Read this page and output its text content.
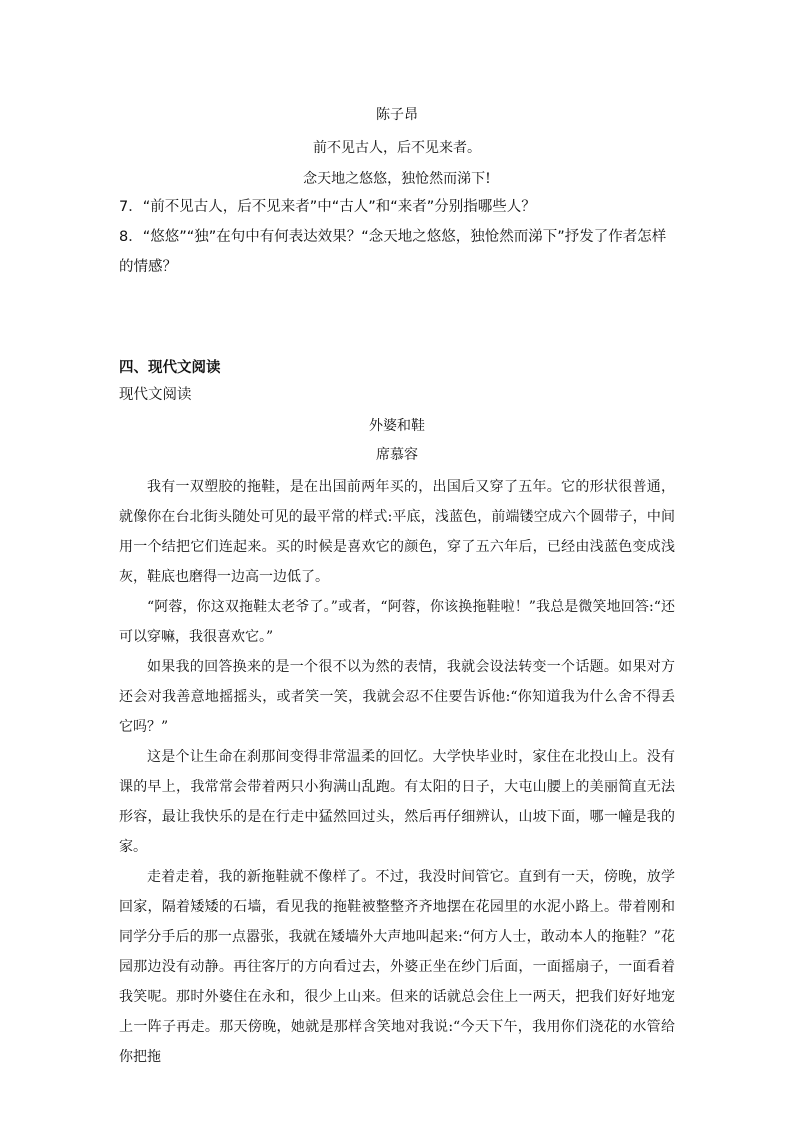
陈子昂
前不见古人，后不见来者。
念天地之悠悠，独怆然而涕下!
7．“前不见古人，后不见来者”中“古人”和“来者”分别指哪些人？
8．“悠悠”“独”在句中有何表达效果？“念天地之悠悠，独怆然而涕下”抒发了作者怎样的情感？
四、现代文阅读
现代文阅读
外婆和鞋
席慕容

我有一双塑胶的拖鞋，是在出国前两年买的，出国后又穿了五年。它的形状很普通，就像你在台北街头随处可见的最平常的样式:平底，浅蓝色，前端镂空成六个圆带子，中间用一个结把它们连起来。买的时候是喜欢它的颜色，穿了五六年后，已经由浅蓝色变成浅灰，鞋底也磨得一边高一边低了。

“阿蓉，你这双拖鞋太老爷了。”或者，“阿蓉，你该换拖鞋啦！”我总是微笑地回答:“还可以穿嘛，我很喜欢它。”

如果我的回答换来的是一个很不以为然的表情，我就会设法转变一个话题。如果对方还会对我善意地摇摇头，或者笑一笑，我就会忍不住要告诉他:“你知道我为什么舍不得丢它吗？”

这是个让生命在刹那间变得非常温柔的回忆。大学快毕业时，家住在北投山上。没有课的早上，我常常会带着两只小狗满山乱跑。有太阳的日子，大屯山腰上的美丽简直无法形容，最让我快乐的是在行走中猛然回过头，然后再仔细辨认，山坡下面，哪一幢是我的家。

走着走着，我的新拖鞋就不像样了。不过，我没时间管它。直到有一天，傍晚，放学回家，隔着矮矮的石墙，看见我的拖鞋被整整齐齐地摆在花园里的水泥小路上。带着刚和同学分手后的那一点嚣张，我就在矮墙外大声地叫起来:“何方人士，敢动本人的拖鞋？”花园那边没有动静。再往客厅的方向看过去，外婆正坐在纱门后面，一面摇扇子，一面看着我笑呢。那时外婆住在永和，很少上山来。但来的话就总会住上一两天，把我们好好地宠上一阵子再走。那天傍晚，她就是那样含笑地对我说:“今天下午，我用你们浇花的水管给你把拖
